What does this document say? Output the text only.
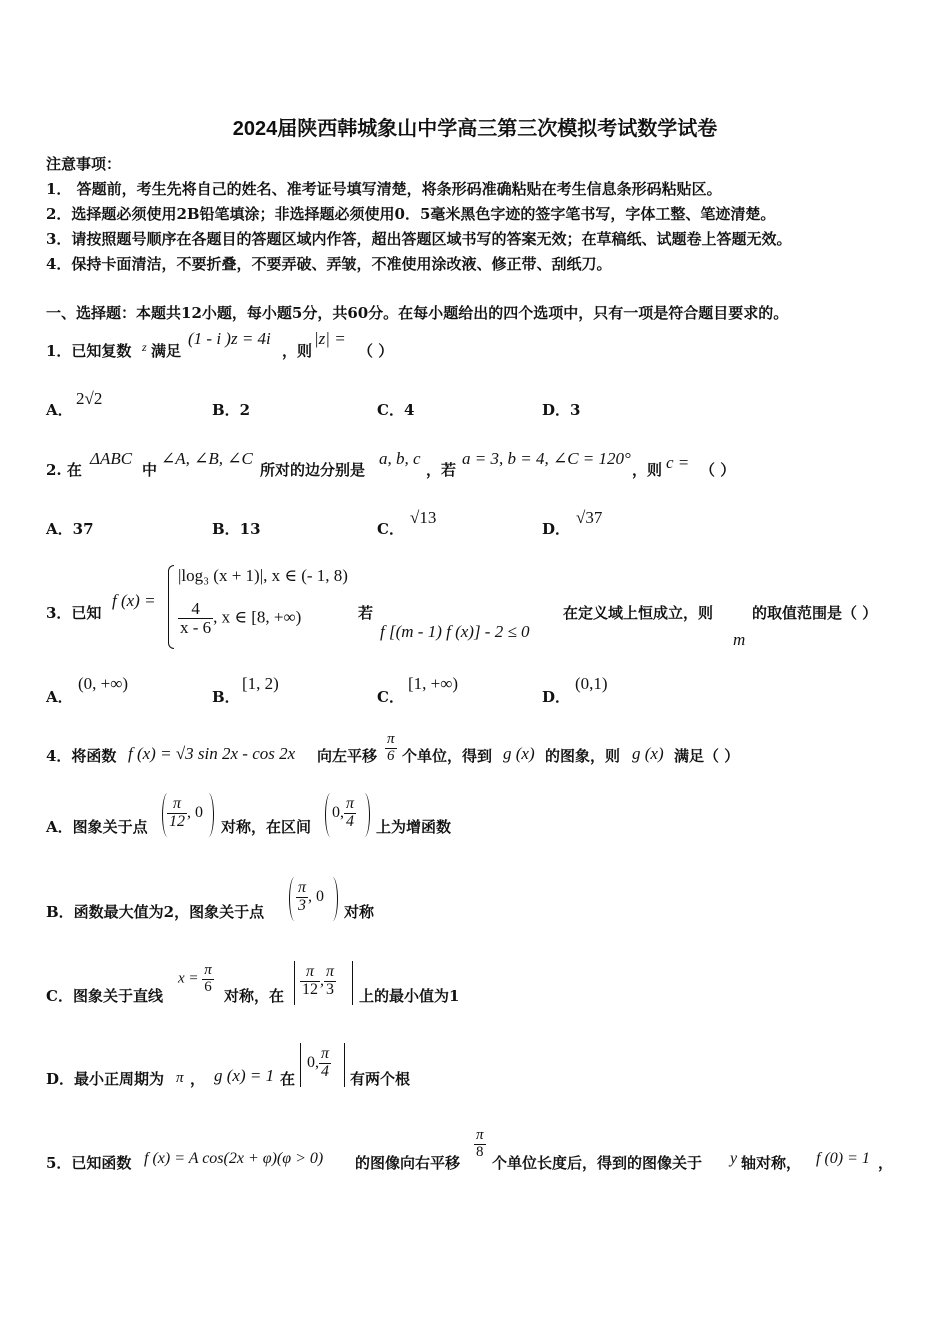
2024届陕西韩城象山中学高三第三次模拟考试数学试卷
注意事项：
1． 答题前，考生先将自己的姓名、准考证号填写清楚，将条形码准确粘贴在考生信息条形码粘贴区。
2．选择题必须使用2B铅笔填涂；非选择题必须使用0．5毫米黑色字迹的签字笔书写，字体工整、笔迹清楚。
3．请按照题号顺序在各题目的答题区域内作答，超出答题区域书写的答案无效；在草稿纸、试题卷上答题无效。
4．保持卡面清洁，不要折叠，不要弄破、弄皱，不准使用涂改液、修正带、刮纸刀。
一、选择题：本题共12小题，每小题5分，共60分。在每小题给出的四个选项中，只有一项是符合题目要求的。
1．已知复数 z 满足
(1 - i )z = 4i
，则
|z| =
（ ）
A．
2√2
B．2	C．4	D．3
2. 在
ΔABC
中
∠A, ∠B, ∠C
所对的边分别是
a, b, c
，若
a = 3, b = 4, ∠C = 120°
，则 c = （ ）
A．37	B．13	C．
√13
D．
√37
3．已知
f (x) =
|log₃ (x + 1)|, x ∈ (- 1, 8)
$\frac{4}{x - 6}$ , x ∈ [8, +∞)	若
f [(m - 1) f (x)] - 2 ≤ 0
在定义域上恒成立，则
m
的取值范围是（ ）
A．
(0, +∞)
B．
[1, 2)
C．
[1, +∞)
D．
(0,1)
4．将函数 f (x) = √3 sin 2x - cos 2x 向左平移 $\frac{\pi}{6}$ 个单位，得到 g (x) 的图象，则 g (x) 满足（ ）
A．图象关于点 $\frac{\pi}{12}$ , 0
对称，在区间
0, $\frac{\pi}{4}$ 上为增函数
B．函数最大值为2，图象关于点 $\frac{\pi}{3}$ , 0
对称
C．图象关于直线
$x = \frac{\pi}{6}$
对称，在 $\frac{\pi}{12}$ , $\frac{\pi}{3}$ 上的最小值为1
D．最小正周期为 π ， g (x) = 1 在
0, $\frac{\pi}{4}$ 有两个根
5．已知函数 f (x) = A cos(2x + φ)(φ > 0) 的图像向右平移
$\frac{\pi}{8}$
个单位长度后，得到的图像关于 y 轴对称， f (0) = 1 ，
